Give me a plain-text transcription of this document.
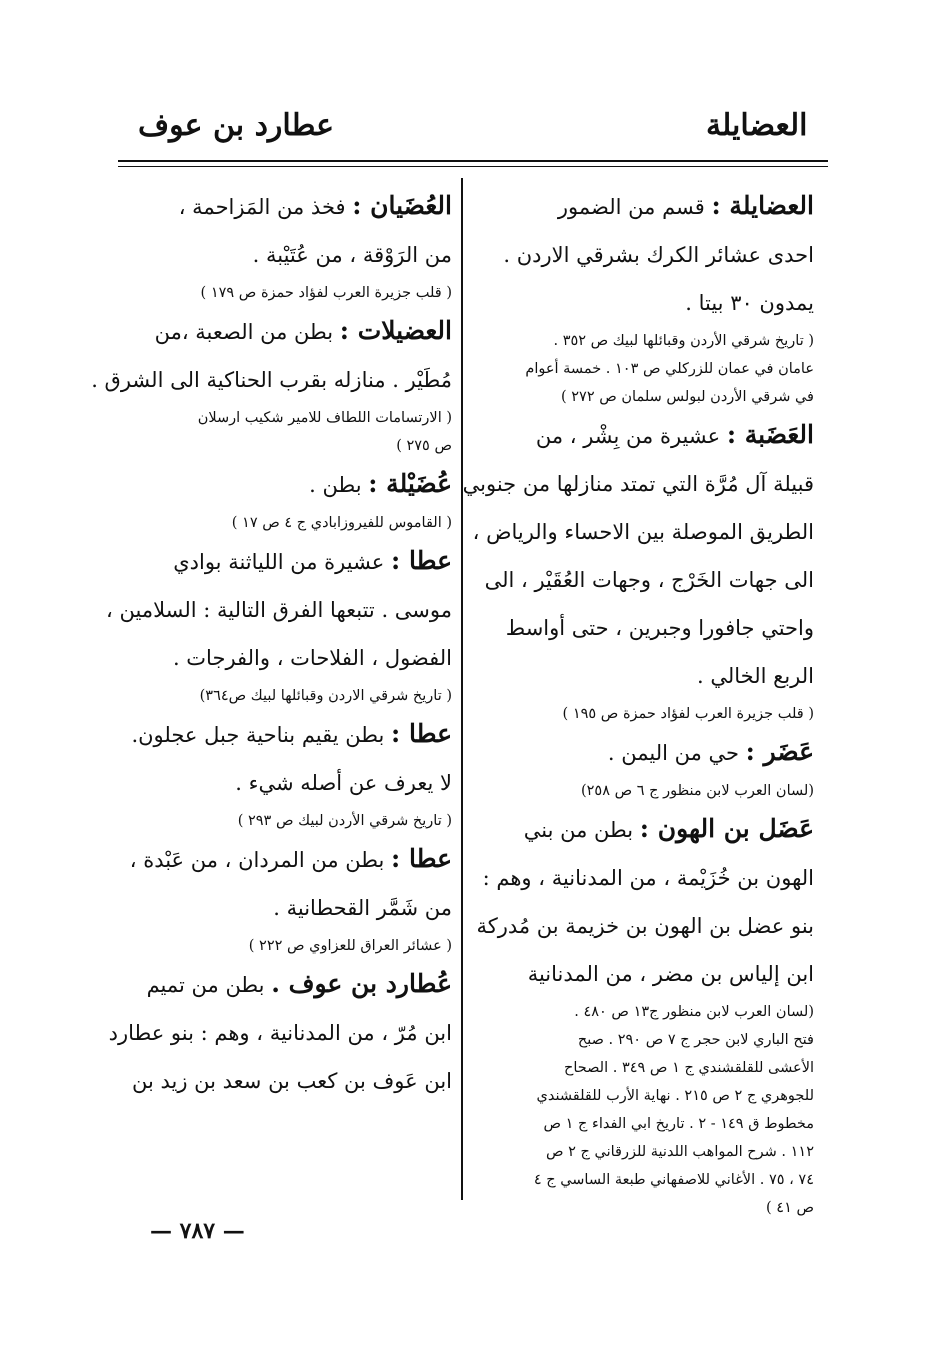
عطارد بن عوف	العضايلة

العضايلة : قسم من الضمور

احدى عشائر الكرك بشرقي الاردن .

يمدون ٣٠ بيتا .

( تاريخ شرقي الأردن وقبائلها لبيك ص ٣٥٢ .

عامان في عمان للزركلي ص ١٠٣ . خمسة أعوام

في شرقي الأردن لبولس سلمان ص ٢٧٢ )

العَضَبة : عشيرة من بِشْر ، من

قبيلة آل مُرَّة التي تمتد منازلها من جنوبي

الطريق الموصلة بين الاحساء والرياض ،

الى جهات الخَرْج ، وجهات العُقَيْر ، الى

واحتي جافورا وجبرين ، حتى أواسط

الربع الخالي .

( قلب جزيرة العرب لفؤاد حمزة ص ١٩٥ )

عَضَر : حي من اليمن .

(لسان العرب لابن منظور ج ٦ ص ٢٥٨)

عَضَل بن الهون : بطن من بني

الهون بن خُزَيْمة ، من المدنانية ، وهم :

بنو عضل بن الهون بن خزيمة بن مُدركة

ابن إلياس بن مضر ، من المدنانية

(لسان العرب لابن منظور ج١٣ ص ٤٨٠ .

فتح الباري لابن حجر ج ٧ ص ٢٩٠ . صبح

الأعشى للقلقشندي ج ١ ص ٣٤٩ . الصحاح

للجوهري ج ٢ ص ٢١٥ . نهاية الأرب للقلقشندي

مخطوط ق ١٤٩ - ٢ . تاريخ ابي الفداء ج ١ ص

١١٢ . شرح المواهب اللدنية للزرقاني ج ٢ ص

٧٤ ، ٧٥ . الأغاني للاصفهاني طبعة الساسي ج ٤

ص ٤١ )

العُضَيان : فخذ من المَزاحمة ،

من الرَوْقة ، من عُتَيْبة .

( قلب جزيرة العرب لفؤاد حمزة ص ١٧٩ )

العضيلات : بطن من الصعبة ،من

مُطَيْر . منازله بقرب الحناكية الى الشرق .

( الارتسامات اللطاف للامير شكيب ارسلان

ص ٢٧٥ )

عُضَيْلة : بطن .

( القاموس للفيروزابادي ج ٤ ص ١٧ )

عطا : عشيرة من اللياثنة بوادي

موسى . تتبعها الفرق التالية : السلامين ،

الفضول ، الفلاحات ، والفرجات .

( تاريخ شرقي الاردن وقبائلها لبيك ص٣٦٤)

عطا : بطن يقيم بناحية جبل عجلون.

لا يعرف عن أصله شيء .

( تاريخ شرقي الأردن لبيك ص ٢٩٣ )

عطا : بطن من المردان ، من عَبْدة ،

من شَمَّر القحطانية .

( عشائر العراق للعزاوي ص ٢٢٢ )

عُطارد بن عوف . بطن من تميم

ابن مُرّ ، من المدنانية ، وهم : بنو عطارد

ابن عَوف بن كعب بن سعد بن زيد بن

— ٧٨٧ —
